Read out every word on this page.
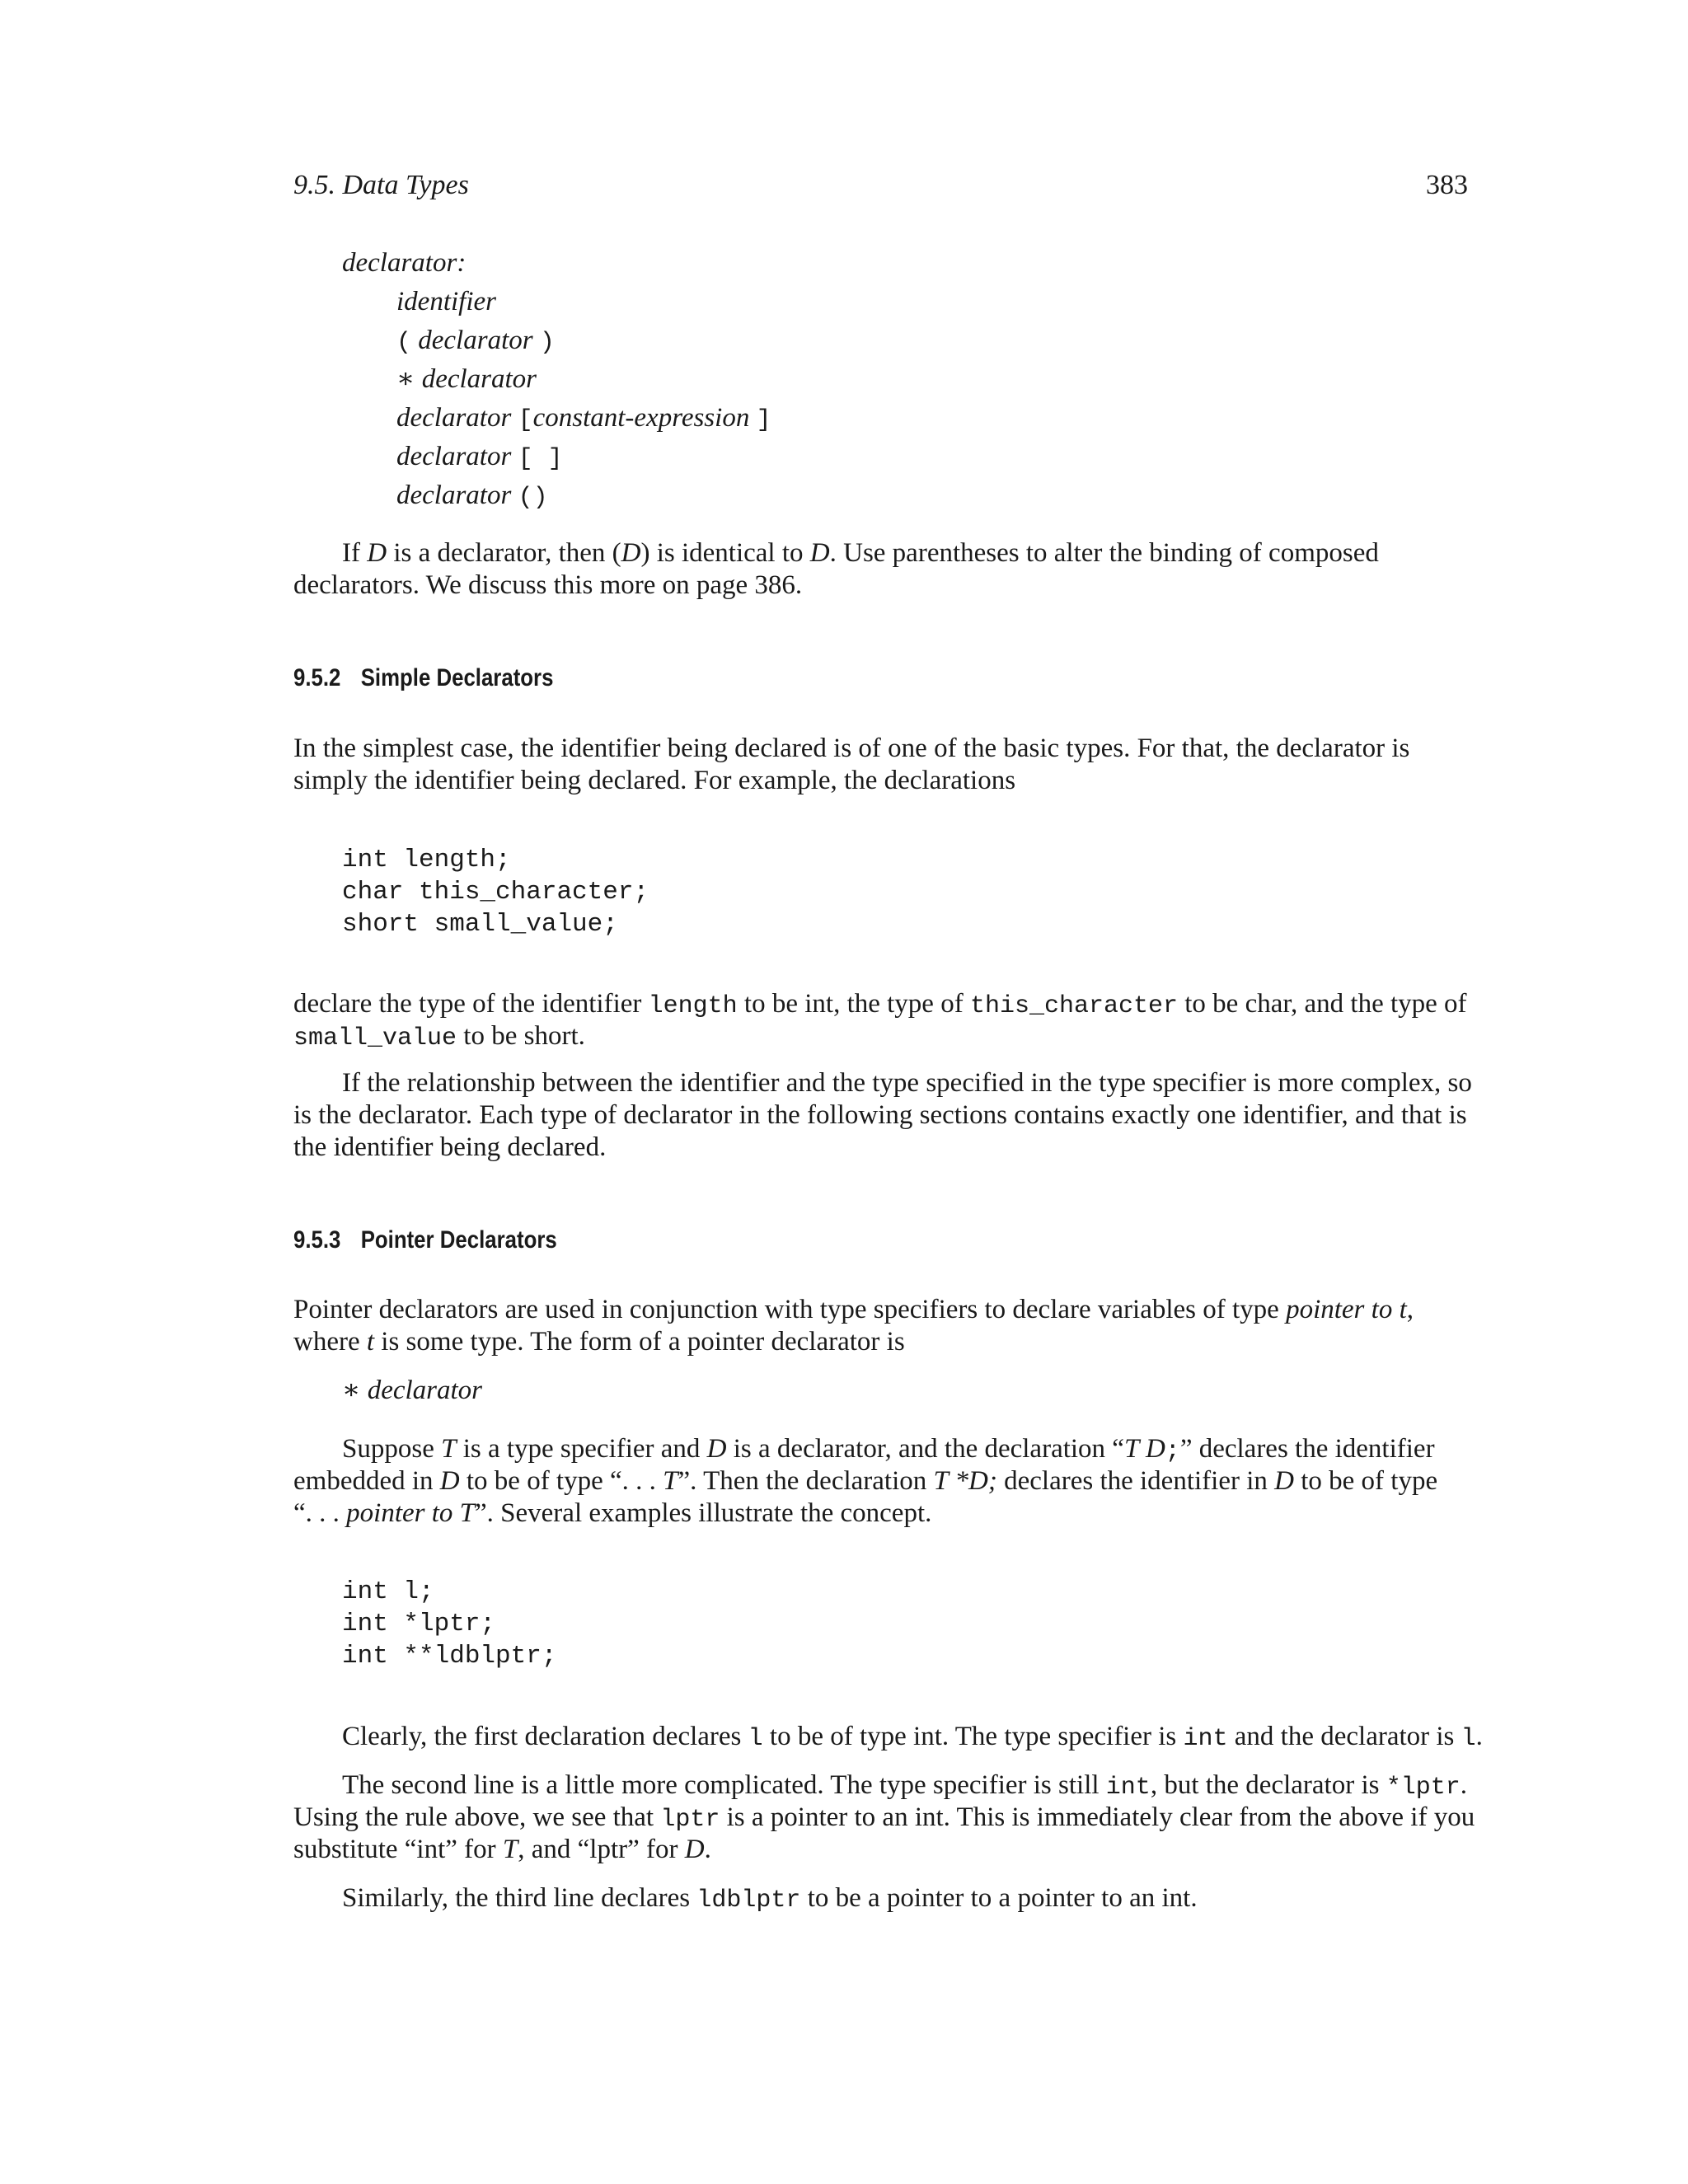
9.5. Data Types	383
declarator:
identifier
( declarator )
∗ declarator
declarator [constant-expression ]
declarator [ ]
declarator ()
If D is a declarator, then (D) is identical to D. Use parentheses to alter the binding of composed
declarators. We discuss this more on page 386.
9.5.2 Simple Declarators
In the simplest case, the identifier being declared is of one of the basic types. For that, the declarator is
simply the identifier being declared. For example, the declarations
int length;
char this_character;
short small_value;
declare the type of the identifier length to be int, the type of this_character to be char, and the type of
small_value to be short.
If the relationship between the identifier and the type specified in the type specifier is more complex, so
is the declarator. Each type of declarator in the following sections contains exactly one identifier, and that is
the identifier being declared.
9.5.3 Pointer Declarators
Pointer declarators are used in conjunction with type specifiers to declare variables of type pointer to t,
where t is some type. The form of a pointer declarator is
∗ declarator
Suppose T is a type specifier and D is a declarator, and the declaration “T D;” declares the identifier
embedded in D to be of type “. . . T”. Then the declaration T *D; declares the identifier in D to be of type
“. . . pointer to T”. Several examples illustrate the concept.
int l;
int *lptr;
int **ldblptr;
Clearly, the first declaration declares l to be of type int. The type specifier is int and the declarator is l.
The second line is a little more complicated. The type specifier is still int, but the declarator is *lptr.
Using the rule above, we see that lptr is a pointer to an int. This is immediately clear from the above if you
substitute “int” for T, and “lptr” for D.
Similarly, the third line declares ldblptr to be a pointer to a pointer to an int.
